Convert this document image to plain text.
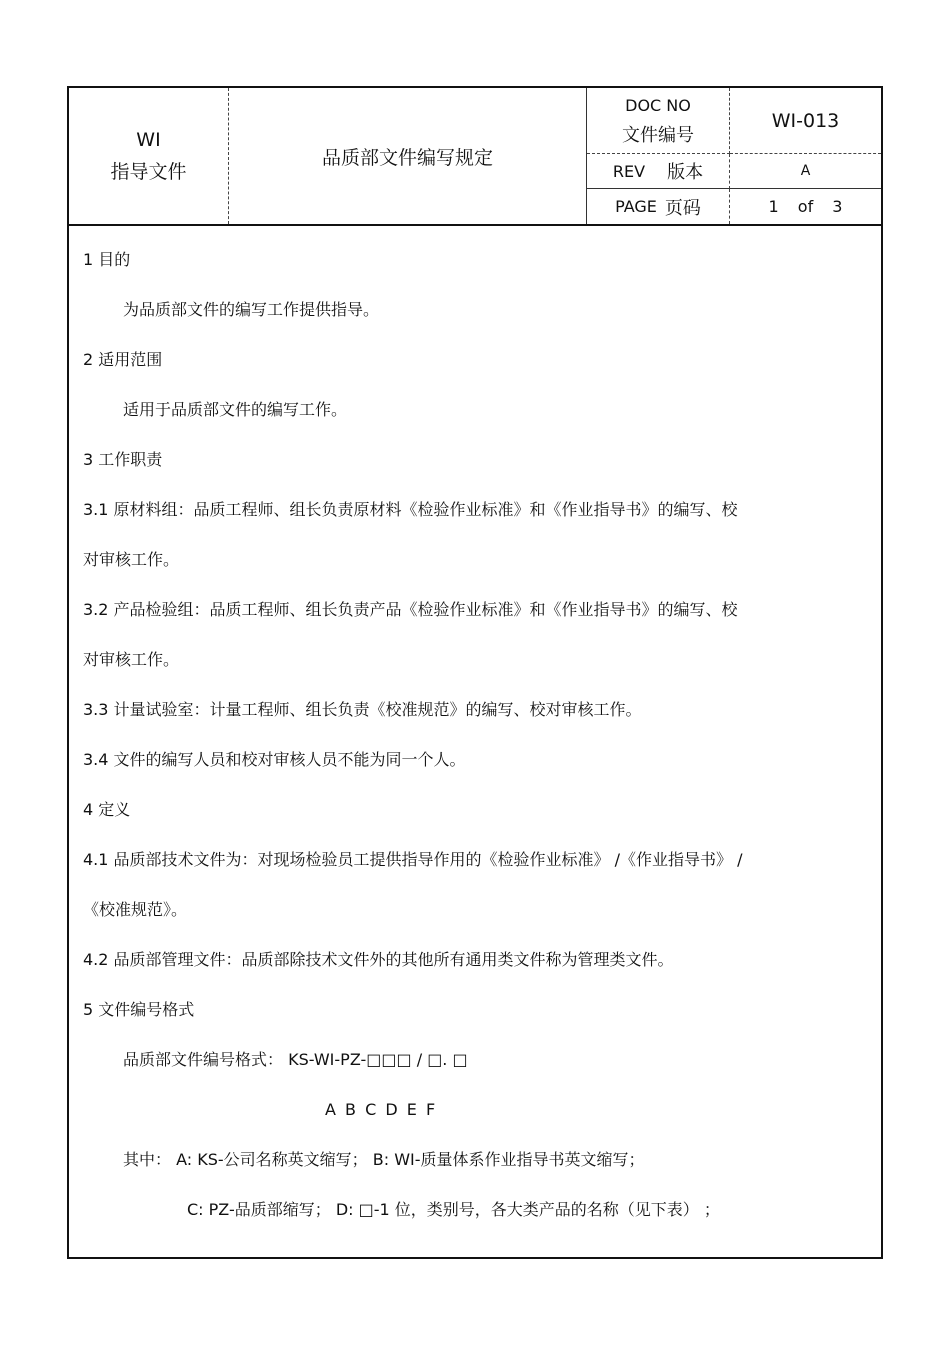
WI
指导文件
品质部文件编写规定
DOC NO
文件编号
WI-013
REV 版本	A
PAGE 页码	1 of 3
1 目的
为品质部文件的编写工作提供指导。
2 适用范围
适用于品质部文件的编写工作。
3 工作职责
3.1 原材料组：品质工程师、组长负责原材料《检验作业标准》和《作业指导书》的编写、校
对审核工作。
3.2 产品检验组：品质工程师、组长负责产品《检验作业标准》和《作业指导书》的编写、校
对审核工作。
3.3 计量试验室：计量工程师、组长负责《校准规范》的编写、校对审核工作。
3.4 文件的编写人员和校对审核人员不能为同一个人。
4 定义
4.1 品质部技术文件为：对现场检验员工提供指导作用的《检验作业标准》 /《作业指导书》 /
《校准规范》。
4.2 品质部管理文件：品质部除技术文件外的其他所有通用类文件称为管理类文件。
5 文件编号格式
品质部文件编号格式： KS-WI-PZ-□□□ / □. □
A B C D E F
其中： A: KS-公司名称英文缩写； B: WI-质量体系作业指导书英文缩写；
C: PZ-品质部缩写； D: □-1 位，类别号，各大类产品的名称（见下表） ；
